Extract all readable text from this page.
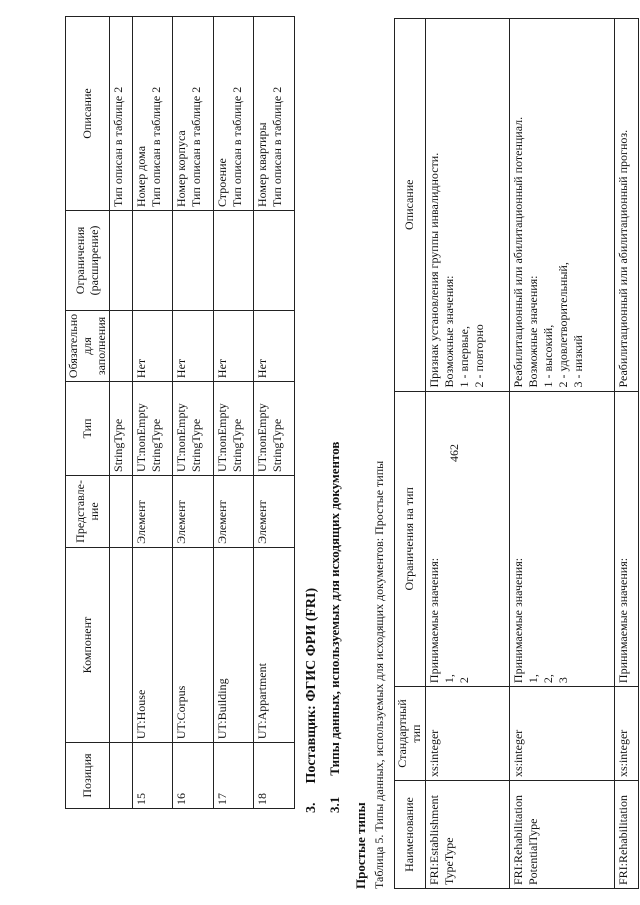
462
Позиция	Компонент	Представле-ние	Тип	Обязательно для заполнения	Ограничения (расширение)	Описание

			StringType			Тип описан в таблице 2

15	UT:House	Элемент	UT:nonEmpty StringType	Нет		Номер дома Тип описан в таблице 2

16	UT:Corpus	Элемент	UT:nonEmpty StringType	Нет		Номер корпуса Тип описан в таблице 2

17	UT:Building	Элемент	UT:nonEmpty StringType	Нет		Строение Тип описан в таблице 2

18	UT:Appartment	Элемент	UT:nonEmpty StringType	Нет		Номер квартиры Тип описан в таблице 2
3. Поставщик: ФГИС ФРИ (FRI)
3.1 Типы данных, используемых для исходящих документов
Простые типы Таблица 5. Типы данных, используемых для исходящих документов: Простые типы Наименование	Стандартный тип	Ограничения на тип	Описание

FRI:Establishment TypeType	xs:integer	Принимаемые значения: 1, 2	Признак установления группы инвалидности. Возможные значения: 1 - впервые, 2 - повторно

FRI:Rehabilitation PotentialType	xs:integer	Принимаемые значения: 1, 2, 3	Реабилитационный или абилитационный потенциал. Возможные значения: 1 - высокий, 2 - удовлетворительный, 3 - низкий

FRI:Rehabilitation	xs:integer	Принимаемые значения:	Реабилитационный или абилитационный прогноз.
